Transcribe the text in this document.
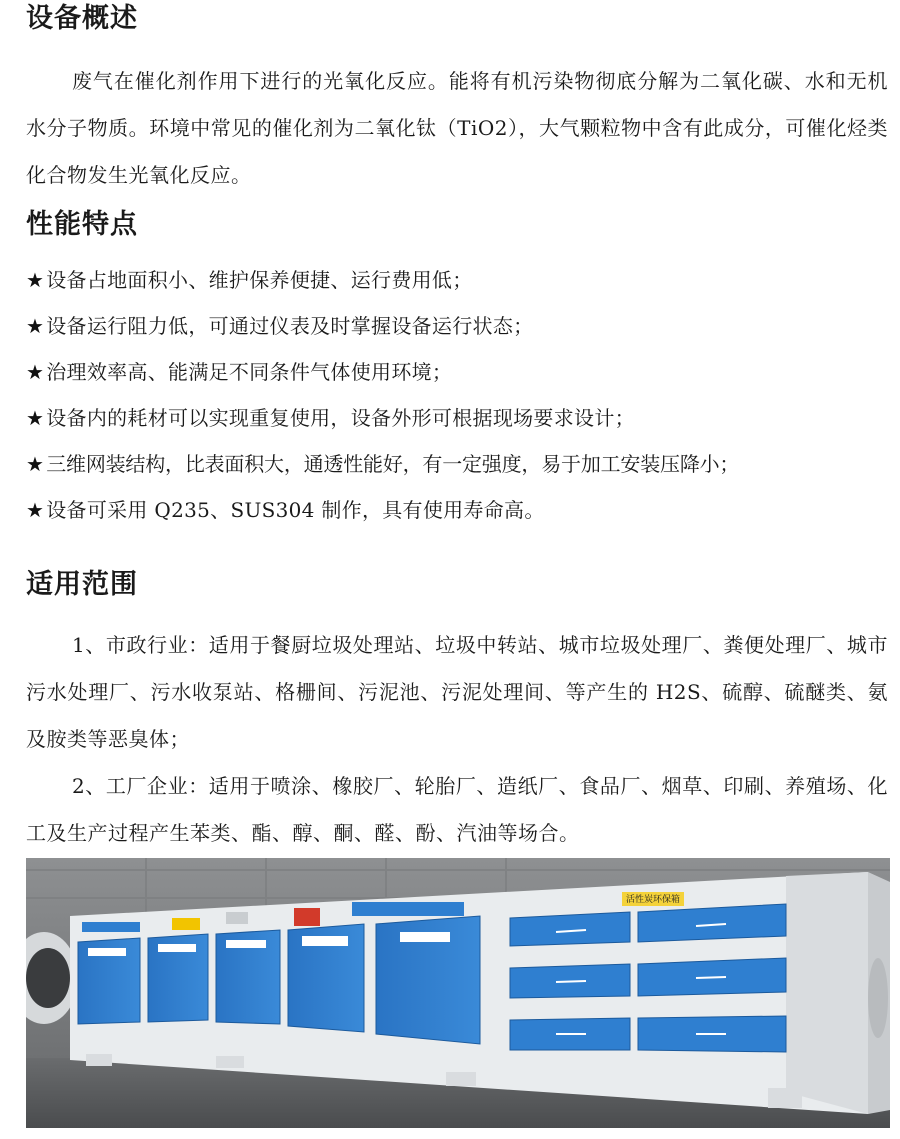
设备概述
废气在催化剂作用下进行的光氧化反应。能将有机污染物彻底分解为二氧化碳、水和无机水分子物质。环境中常见的催化剂为二氧化钛（TiO2），大气颗粒物中含有此成分，可催化烃类化合物发生光氧化反应。
性能特点
★ 设备占地面积小、维护保养便捷、运行费用低；
★ 设备运行阻力低，可通过仪表及时掌握设备运行状态；
★ 治理效率高、能满足不同条件气体使用环境；
★ 设备内的耗材可以实现重复使用，设备外形可根据现场要求设计；
★ 三维网装结构，比表面积大，通透性能好，有一定强度，易于加工安装压降小；
★ 设备可采用 Q235、SUS304 制作，具有使用寿命高。
适用范围
1、市政行业：适用于餐厨垃圾处理站、垃圾中转站、城市垃圾处理厂、粪便处理厂、城市污水处理厂、污水收泵站、格栅间、污泥池、污泥处理间、等产生的 H2S、硫醇、硫醚类、氨及胺类等恶臭体；
2、工厂企业：适用于喷涂、橡胶厂、轮胎厂、造纸厂、食品厂、烟草、印刷、养殖场、化工及生产过程产生苯类、酯、醇、酮、醛、酚、汽油等场合。
活性炭环保箱
